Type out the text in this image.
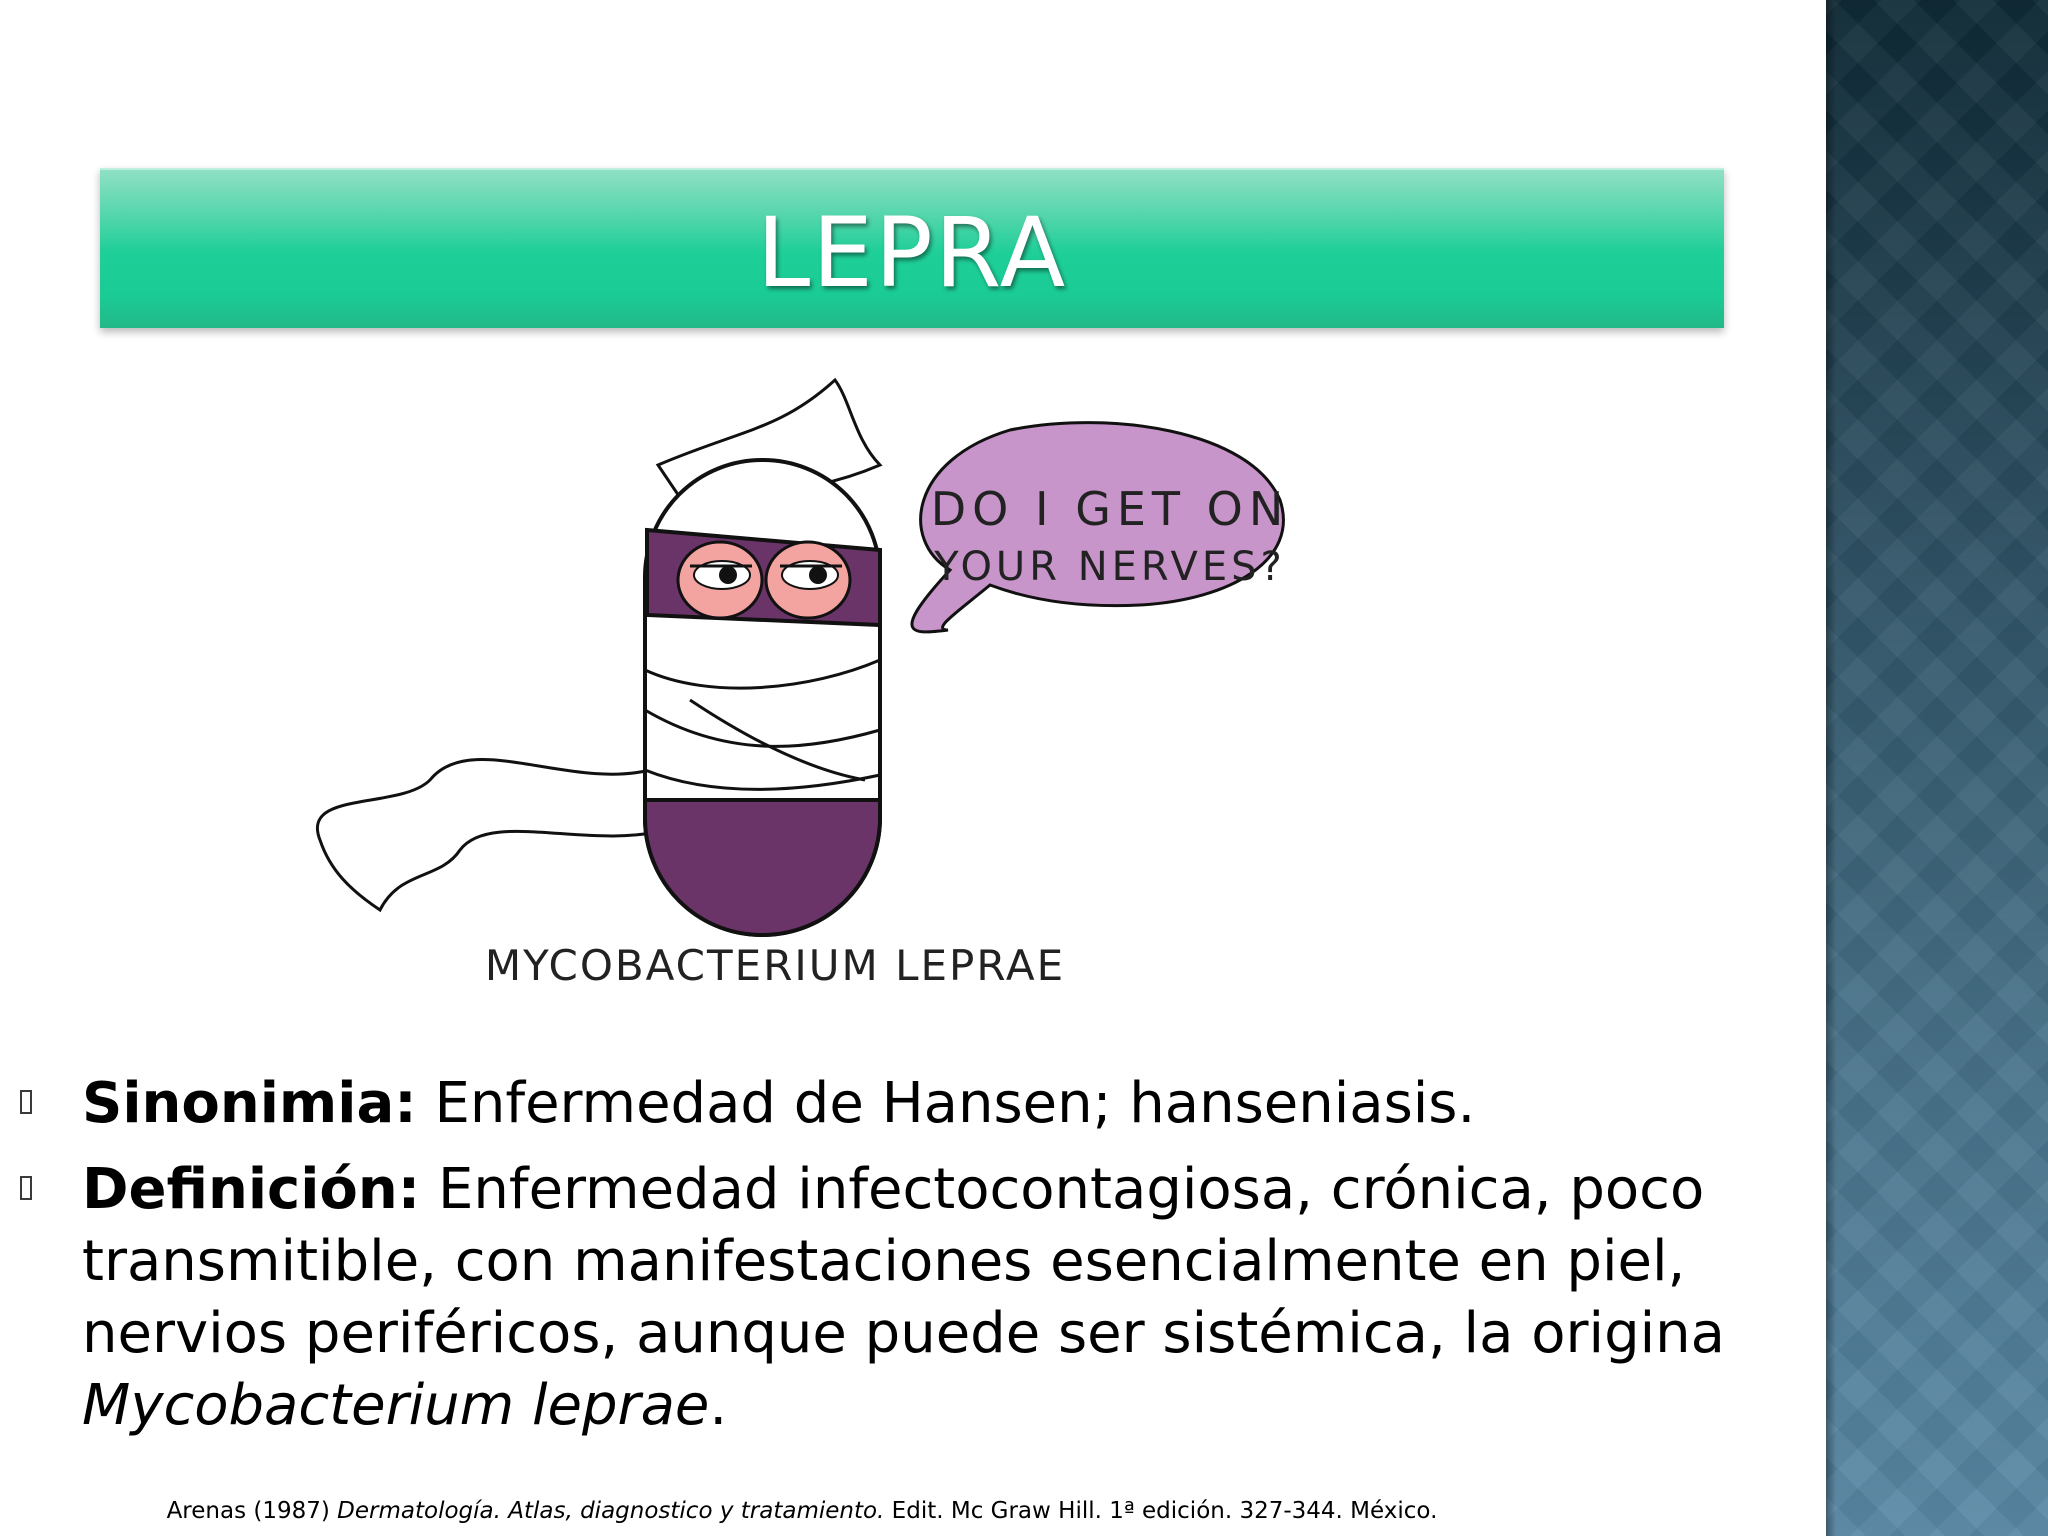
LEPRA
DO I GET ON
YOUR NERVES?
MYCOBACTERIUM LEPRAE
Sinonimia: Enfermedad de Hansen; hanseniasis.
Definición: Enfermedad infectocontagiosa, crónica, poco transmitible, con manifestaciones esencialmente en piel, nervios periféricos, aunque puede ser sistémica, la origina Mycobacterium leprae.
Arenas (1987) Dermatología. Atlas, diagnostico y tratamiento. Edit. Mc Graw Hill. 1ª edición. 327-344. México.
